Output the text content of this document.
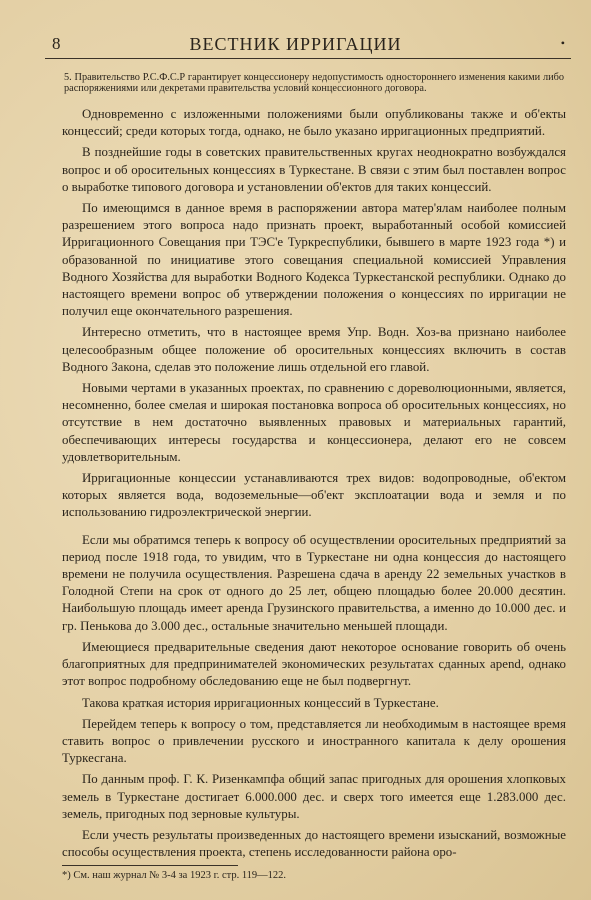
8	ВЕСТНИК ИРРИГАЦИИ	•
5. Правительство Р.С.Ф.С.Р гарантирует концессионеру недопустимость одностороннего изменения какими либо распоряжениями или декретами правительства условий концессионного договора.

Одновременно с изложенными положениями были опубликованы также и об'екты концессий; среди которых тогда, однако, не было указано ирригационных предприятий.

В позднейшие годы в советских правительственных кругах неоднократно возбуждался вопрос и об оросительных концессиях в Туркестане. В связи с этим был поставлен вопрос о выработке типового договора и установлении об'ектов для таких концессий.

По имеющимся в данное время в распоряжении автора матер'ялам наиболее полным разрешением этого вопроса надо признать проект, выработанный особой комиссией Ирригационного Совещания при ТЭС'е Туркреспублики, бывшего в марте 1923 года *) и образованной по инициативе этого совещания специальной комиссией Управления Водного Хозяйства для выработки Водного Кодекса Туркестанской республики. Однако до настоящего времени вопрос об утверждении положения о концессиях по ирригации не получил еще окончательного разрешения.

Интересно отметить, что в настоящее время Упр. Водн. Хоз-ва признано наиболее целесообразным общее положение об оросительных концессиях включить в состав Водного Закона, сделав это положение лишь отдельной его главой.

Новыми чертами в указанных проектах, по сравнению с дореволюционными, является, несомненно, более смелая и широкая постановка вопроса об оросительных концессиях, но отсутствие в нем достаточно выявленных правовых и материальных гарантий, обеспечивающих интересы государства и концессионера, делают его не совсем удовлетворительным.

Ирригационные концессии устанавливаются трех видов: водопроводные, об'ектом которых является вода, водоземельные—об'ект эксплоатации вода и земля и по использованию гидроэлектрической энергии.

Если мы обратимся теперь к вопросу об осуществлении оросительных предприятий за период после 1918 года, то увидим, что в Туркестане ни одна концессия до настоящего времени не получила осуществления. Разрешена сдача в аренду 22 земельных участков в Голодной Степи на срок от одного до 25 лет, общею площадью более 20.000 десятин. Наибольшую площадь имеет аренда Грузинского правительства, а именно до 10.000 дес. и гр. Пенькова до 3.000 дес., остальные значительно меньшей площади.

Имеющиеся предварительные сведения дают некоторое основание говорить об очень благоприятных для предпринимателей экономических результатах сданных арend, однако этот вопрос подробному обследованию еще не был подвергнут.

Такова краткая история ирригационных концессий в Туркестане.

Перейдем теперь к вопросу о том, представляется ли необходимым в настоящее время ставить вопрос о привлечении русского и иностранного капитала к делу орошения Туркесгана.

По данным проф. Г. К. Ризенкампфа общий запас пригодных для орошения хлопковых земель в Туркестане достигает 6.000.000 дес. и сверх того имеется еще 1.283.000 дес. земель, пригодных под зерновые культуры.

Если учесть результаты произведенных до настоящего времени изысканий, возможные способы осуществления проекта, степень исследованности района оро-

*) См. наш журнал № 3-4 за 1923 г. стр. 119—122.
